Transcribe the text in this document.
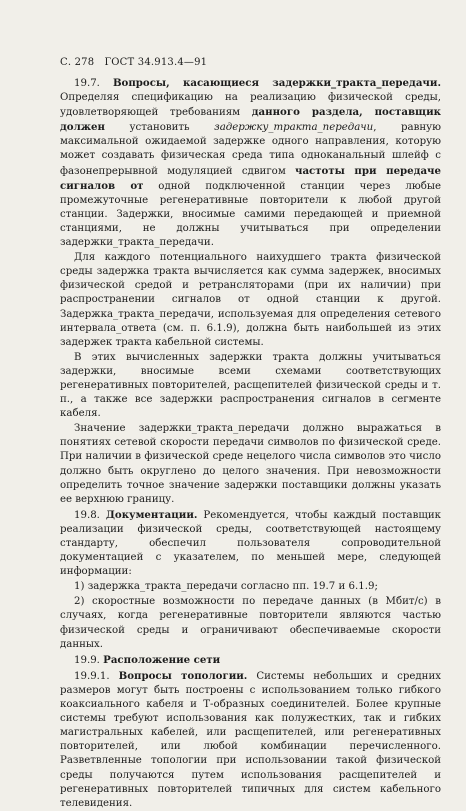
С. 278 ГОСТ 34.913.4—91

19.7. Вопросы, касающиеся задержки_тракта_передачи. Определяя спецификацию на реализацию физической среды, удовлетворяющей требованиям данного раздела, поставщик должен установить задержку_тракта_передачи, равную максимальной ожидаемой задержке одного направления, которую может создавать физическая среда типа одноканальный шлейф с фазонепрерывной модуляцией сдвигом частоты при передаче сигналов от одной подключенной станции через любые промежуточные регенеративные повторители к любой другой станции. Задержки, вносимые самими передающей и приемной станциями, не должны учитываться при определении задержки_тракта_передачи.

Для каждого потенциального наихудшего тракта физической среды задержка тракта вычисляется как сумма задержек, вносимых физической средой и ретрансляторами (при их наличии) при распространении сигналов от одной станции к другой. Задержка_тракта_передачи, используемая для определения сетевого интервала_ответа (см. п. 6.1.9), должна быть наибольшей из этих задержек тракта кабельной системы.

В этих вычисленных задержки тракта должны учитываться задержки, вносимые всеми схемами соответствующих регенеративных повторителей, расщепителей физической среды и т. п., а также все задержки распространения сигналов в сегменте кабеля.

Значение задержки_тракта_передачи должно выражаться в понятиях сетевой скорости передачи символов по физической среде. При наличии в физической среде нецелого числа символов это число должно быть округлено до целого значения. При невозможности определить точное значение задержки поставщики должны указать ее верхнюю границу.

19.8. Документации. Рекомендуется, чтобы каждый поставщик реализации физической среды, соответствующей настоящему стандарту, обеспечил пользователя сопроводительной документацией с указателем, по меньшей мере, следующей информации:

1) задержка_тракта_передачи согласно пп. 19.7 и 6.1.9;

2) скоростные возможности по передаче данных (в Мбит/с) в случаях, когда регенеративные повторители являются частью физической среды и ограничивают обеспечиваемые скорости данных.

19.9. Расположение сети

19.9.1. Вопросы топологии. Системы небольших и средних размеров могут быть построены с использованием только гибкого коаксиального кабеля и Т-образных соединителей. Более крупные системы требуют использования как полужестких, так и гибких магистральных кабелей, или расщепителей, или регенеративных повторителей, или любой комбинации перечисленного. Разветвленные топологии при использовании такой физической среды получаются путем использования расщепителей и регенеративных повторителей типичных для систем кабельного телевидения.
